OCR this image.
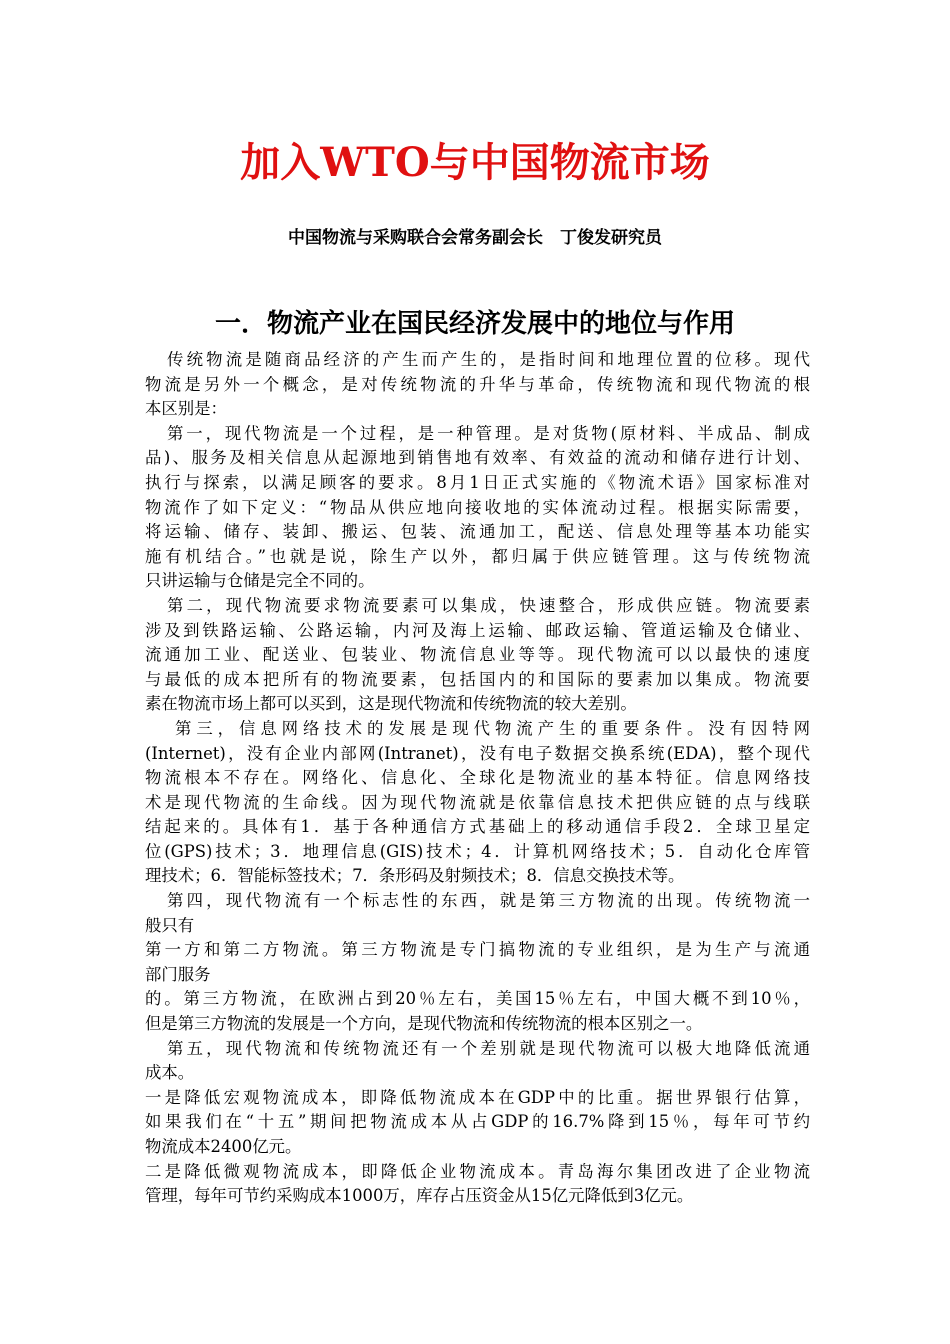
加入WTO与中国物流市场
中国物流与采购联合会常务副会长　丁俊发研究员
一．物流产业在国民经济发展中的地位与作用
传统物流是随商品经济的产生而产生的，是指时间和地理位置的位移。现代
物流是另外一个概念，是对传统物流的升华与革命，传统物流和现代物流的根
本区别是：
第一，现代物流是一个过程，是一种管理。是对货物(原材料、半成品、制成
品)、服务及相关信息从起源地到销售地有效率、有效益的流动和储存进行计划、
执行与探索，以满足顾客的要求。8月1日正式实施的《物流术语》国家标准对
物流作了如下定义：“物品从供应地向接收地的实体流动过程。根据实际需要，
将运输、储存、装卸、搬运、包装、流通加工，配送、信息处理等基本功能实
施有机结合。”也就是说，除生产以外，都归属于供应链管理。这与传统物流
只讲运输与仓储是完全不同的。
第二，现代物流要求物流要素可以集成，快速整合，形成供应链。物流要素
涉及到铁路运输、公路运输，内河及海上运输、邮政运输、管道运输及仓储业、
流通加工业、配送业、包装业、物流信息业等等。现代物流可以以最快的速度
与最低的成本把所有的物流要素，包括国内的和国际的要素加以集成。物流要
素在物流市场上都可以买到，这是现代物流和传统物流的较大差别。
第三，信息网络技术的发展是现代物流产生的重要条件。没有因特网
(Internet)，没有企业内部网(Intranet)，没有电子数据交换系统(EDA)，整个现代
物流根本不存在。网络化、信息化、全球化是物流业的基本特征。信息网络技
术是现代物流的生命线。因为现代物流就是依靠信息技术把供应链的点与线联
结起来的。具体有1．基于各种通信方式基础上的移动通信手段2．全球卫星定
位(GPS)技术；3．地理信息(GIS)技术；4．计算机网络技术；5．自动化仓库管
理技术；6．智能标签技术；7．条形码及射频技术；8．信息交换技术等。
第四，现代物流有一个标志性的东西，就是第三方物流的出现。传统物流一
般只有
第一方和第二方物流。第三方物流是专门搞物流的专业组织，是为生产与流通
部门服务
的。第三方物流，在欧洲占到20％左右，美国15％左右，中国大概不到10％，
但是第三方物流的发展是一个方向，是现代物流和传统物流的根本区别之一。
第五，现代物流和传统物流还有一个差别就是现代物流可以极大地降低流通
成本。
一是降低宏观物流成本，即降低物流成本在GDP中的比重。据世界银行估算，
如果我们在“十五”期间把物流成本从占GDP的16.7%降到15％，每年可节约
物流成本2400亿元。
二是降低微观物流成本，即降低企业物流成本。青岛海尔集团改进了企业物流
管理，每年可节约采购成本1000万，库存占压资金从15亿元降低到3亿元。
